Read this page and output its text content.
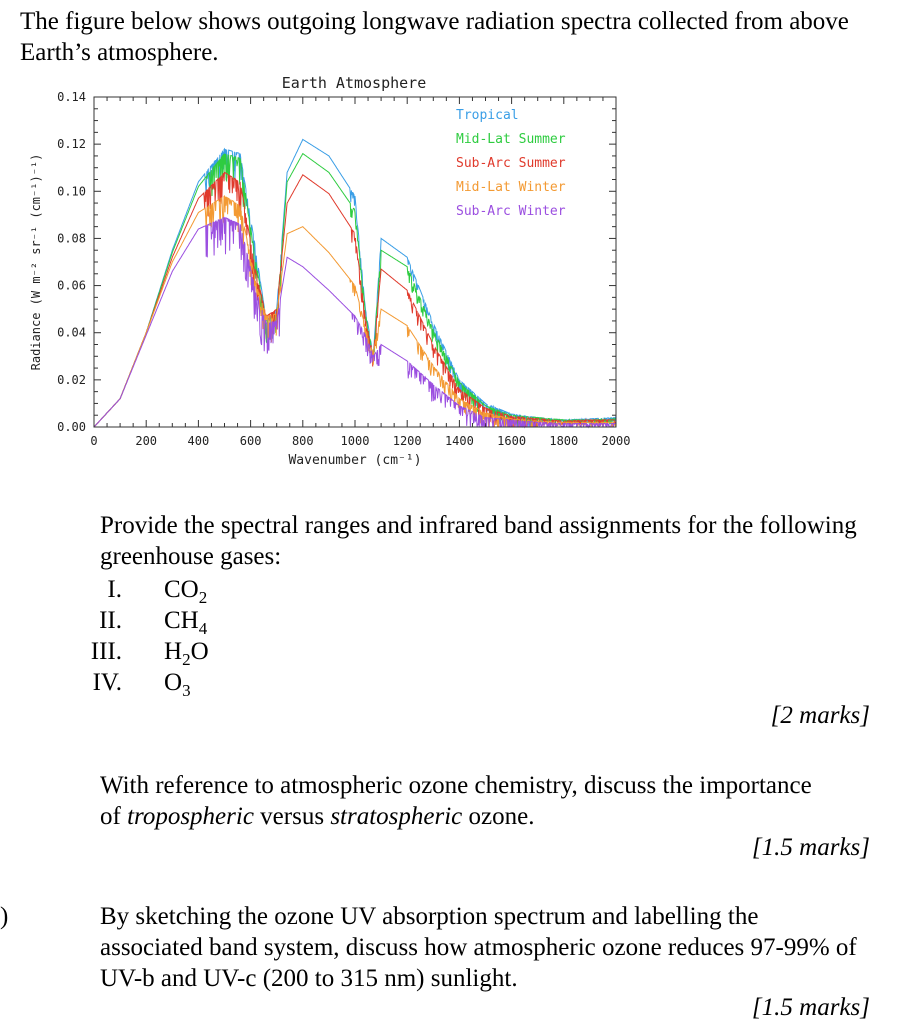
The figure below shows outgoing longwave radiation spectra collected from above Earth’s atmosphere.
Earth Atmosphere
0	200	400	600	800 1000 1200 1400 1600 1800 2000
0.00
0.02
0.04
0.06
0.08
0.10
0.12
0.14
Wavenumber (cm⁻¹)
Radiance (W m⁻² sr⁻¹ (cm⁻¹)⁻¹)
Tropical
Mid-Lat Summer
Sub-Arc Summer
Mid-Lat Winter
Sub-Arc Winter
Provide the spectral ranges and infrared band assignments for the following greenhouse gases:
I. $CO_2$
II. $CH_4$
III. $H_2O$
IV. $O_3$
[2 marks]
With reference to atmospheric ozone chemistry, discuss the importance of tropospheric versus stratospheric ozone.
[1.5 marks]
)	By sketching the ozone UV absorption spectrum and labelling the associated band system, discuss how atmospheric ozone reduces 97-99% of UV-b and UV-c (200 to 315 nm) sunlight.
[1.5 marks]
